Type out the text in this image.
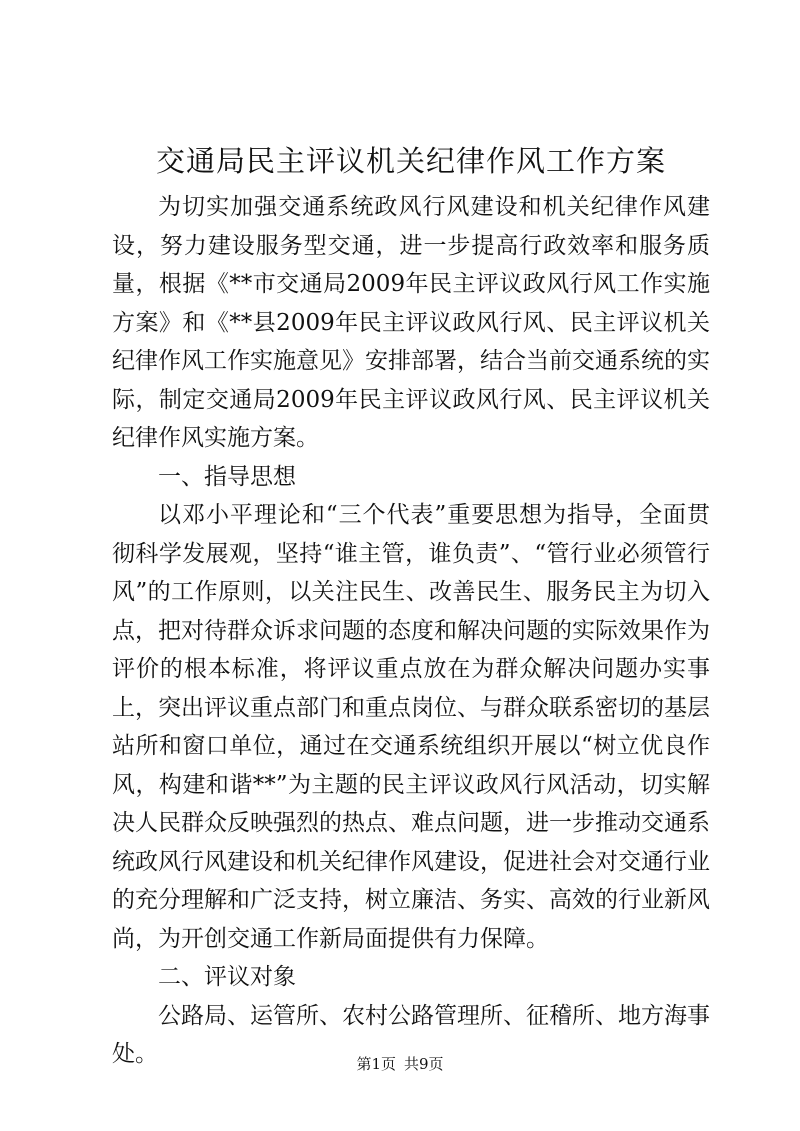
交通局民主评议机关纪律作风工作方案

为切实加强交通系统政风行风建设和机关纪律作风建设，努力建设服务型交通，进一步提高行政效率和服务质量，根据《**市交通局2009年民主评议政风行风工作实施方案》和《**县2009年民主评议政风行风、民主评议机关纪律作风工作实施意见》安排部署，结合当前交通系统的实际，制定交通局2009年民主评议政风行风、民主评议机关纪律作风实施方案。

一、指导思想

以邓小平理论和“三个代表”重要思想为指导，全面贯彻科学发展观，坚持“谁主管，谁负责”、“管行业必须管行风”的工作原则，以关注民生、改善民生、服务民主为切入点，把对待群众诉求问题的态度和解决问题的实际效果作为评价的根本标准，将评议重点放在为群众解决问题办实事上，突出评议重点部门和重点岗位、与群众联系密切的基层站所和窗口单位，通过在交通系统组织开展以“树立优良作风，构建和谐**”为主题的民主评议政风行风活动，切实解决人民群众反映强烈的热点、难点问题，进一步推动交通系统政风行风建设和机关纪律作风建设，促进社会对交通行业的充分理解和广泛支持，树立廉洁、务实、高效的行业新风尚，为开创交通工作新局面提供有力保障。

二、评议对象

公路局、运管所、农村公路管理所、征稽所、地方海事处。	第1页 共9页
